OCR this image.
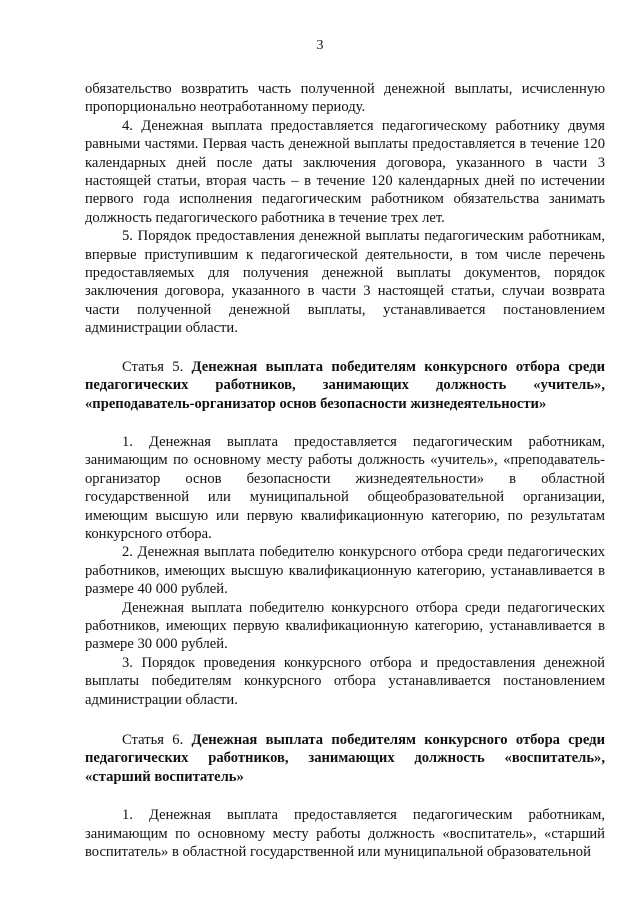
3

обязательство возвратить часть полученной денежной выплаты, исчисленную пропорционально неотработанному периоду.

4. Денежная выплата предоставляется педагогическому работнику двумя равными частями. Первая часть денежной выплаты предоставляется в течение 120 календарных дней после даты заключения договора, указанного в части 3 настоящей статьи, вторая часть – в течение 120 календарных дней по истечении первого года исполнения педагогическим работником обязательства занимать должность педагогического работника в течение трех лет.

5. Порядок предоставления денежной выплаты педагогическим работникам, впервые приступившим к педагогической деятельности, в том числе перечень предоставляемых для получения денежной выплаты документов, порядок заключения договора, указанного в части 3 настоящей статьи, случаи возврата части полученной денежной выплаты, устанавливается постановлением администрации области.

Статья 5. Денежная выплата победителям конкурсного отбора среди педагогических работников, занимающих должность «учитель», «преподаватель-организатор основ безопасности жизнедеятельности»

1. Денежная выплата предоставляется педагогическим работникам, занимающим по основному месту работы должность «учитель», «преподаватель-организатор основ безопасности жизнедеятельности» в областной государственной или муниципальной общеобразовательной организации, имеющим высшую или первую квалификационную категорию, по результатам конкурсного отбора.

2. Денежная выплата победителю конкурсного отбора среди педагогических работников, имеющих высшую квалификационную категорию, устанавливается в размере 40 000 рублей.

Денежная выплата победителю конкурсного отбора среди педагогических работников, имеющих первую квалификационную категорию, устанавливается в размере 30 000 рублей.

3. Порядок проведения конкурсного отбора и предоставления денежной выплаты победителям конкурсного отбора устанавливается постановлением администрации области.

Статья 6. Денежная выплата победителям конкурсного отбора среди педагогических работников, занимающих должность «воспитатель», «старший воспитатель»

1. Денежная выплата предоставляется педагогическим работникам, занимающим по основному месту работы должность «воспитатель», «старший воспитатель» в областной государственной или муниципальной образовательной
